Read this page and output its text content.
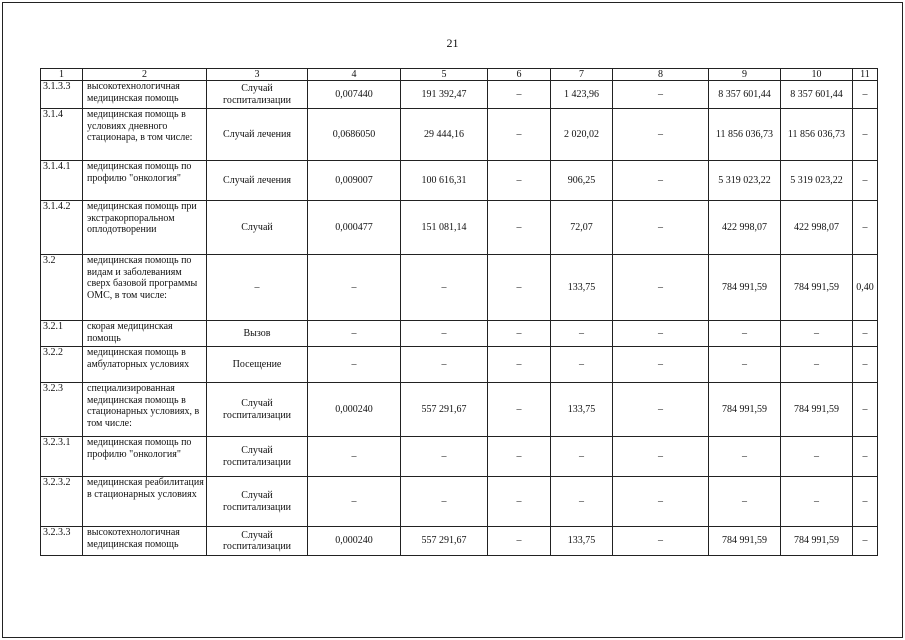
21
1	2	3	4	5	6	7	8	9	10	11
3.1.3.3	высокотехнологичная медицинская помощь	Случай госпитализации	0,007440	191 392,47	–	1 423,96	–	8 357 601,44	8 357 601,44	–
3.1.4	медицинская помощь в условиях дневного стационара, в том числе:	Случай лечения	0,0686050	29 444,16	–	2 020,02	–	11 856 036,73	11 856 036,73	–
3.1.4.1	медицинская помощь по профилю "онкология"	Случай лечения	0,009007	100 616,31	–	906,25	–	5 319 023,22	5 319 023,22	–
3.1.4.2	медицинская помощь при экстракорпоральном оплодотворении	Случай	0,000477	151 081,14	–	72,07	–	422 998,07	422 998,07	–
3.2	медицинская помощь по видам и заболеваниям сверх базовой программы ОМС, в том числе:	–	–	–	–	133,75	–	784 991,59	784 991,59	0,40
3.2.1	скорая медицинская помощь	Вызов	–	–	–	–	–	–	–	–
3.2.2	медицинская помощь в амбулаторных условиях	Посещение	–	–	–	–	–	–	–	–
3.2.3	специализированная медицинская помощь в стационарных условиях, в том числе:	Случай госпитализации	0,000240	557 291,67	–	133,75	–	784 991,59	784 991,59	–
3.2.3.1	медицинская помощь по профилю "онкология"	Случай госпитализации	–	–	–	–	–	–	–	–
3.2.3.2	медицинская реабилитация в стационарных условиях	Случай госпитализации	–	–	–	–	–	–	–	–
3.2.3.3	высокотехнологичная медицинская помощь	Случай госпитализации	0,000240	557 291,67	–	133,75	–	784 991,59	784 991,59	–
